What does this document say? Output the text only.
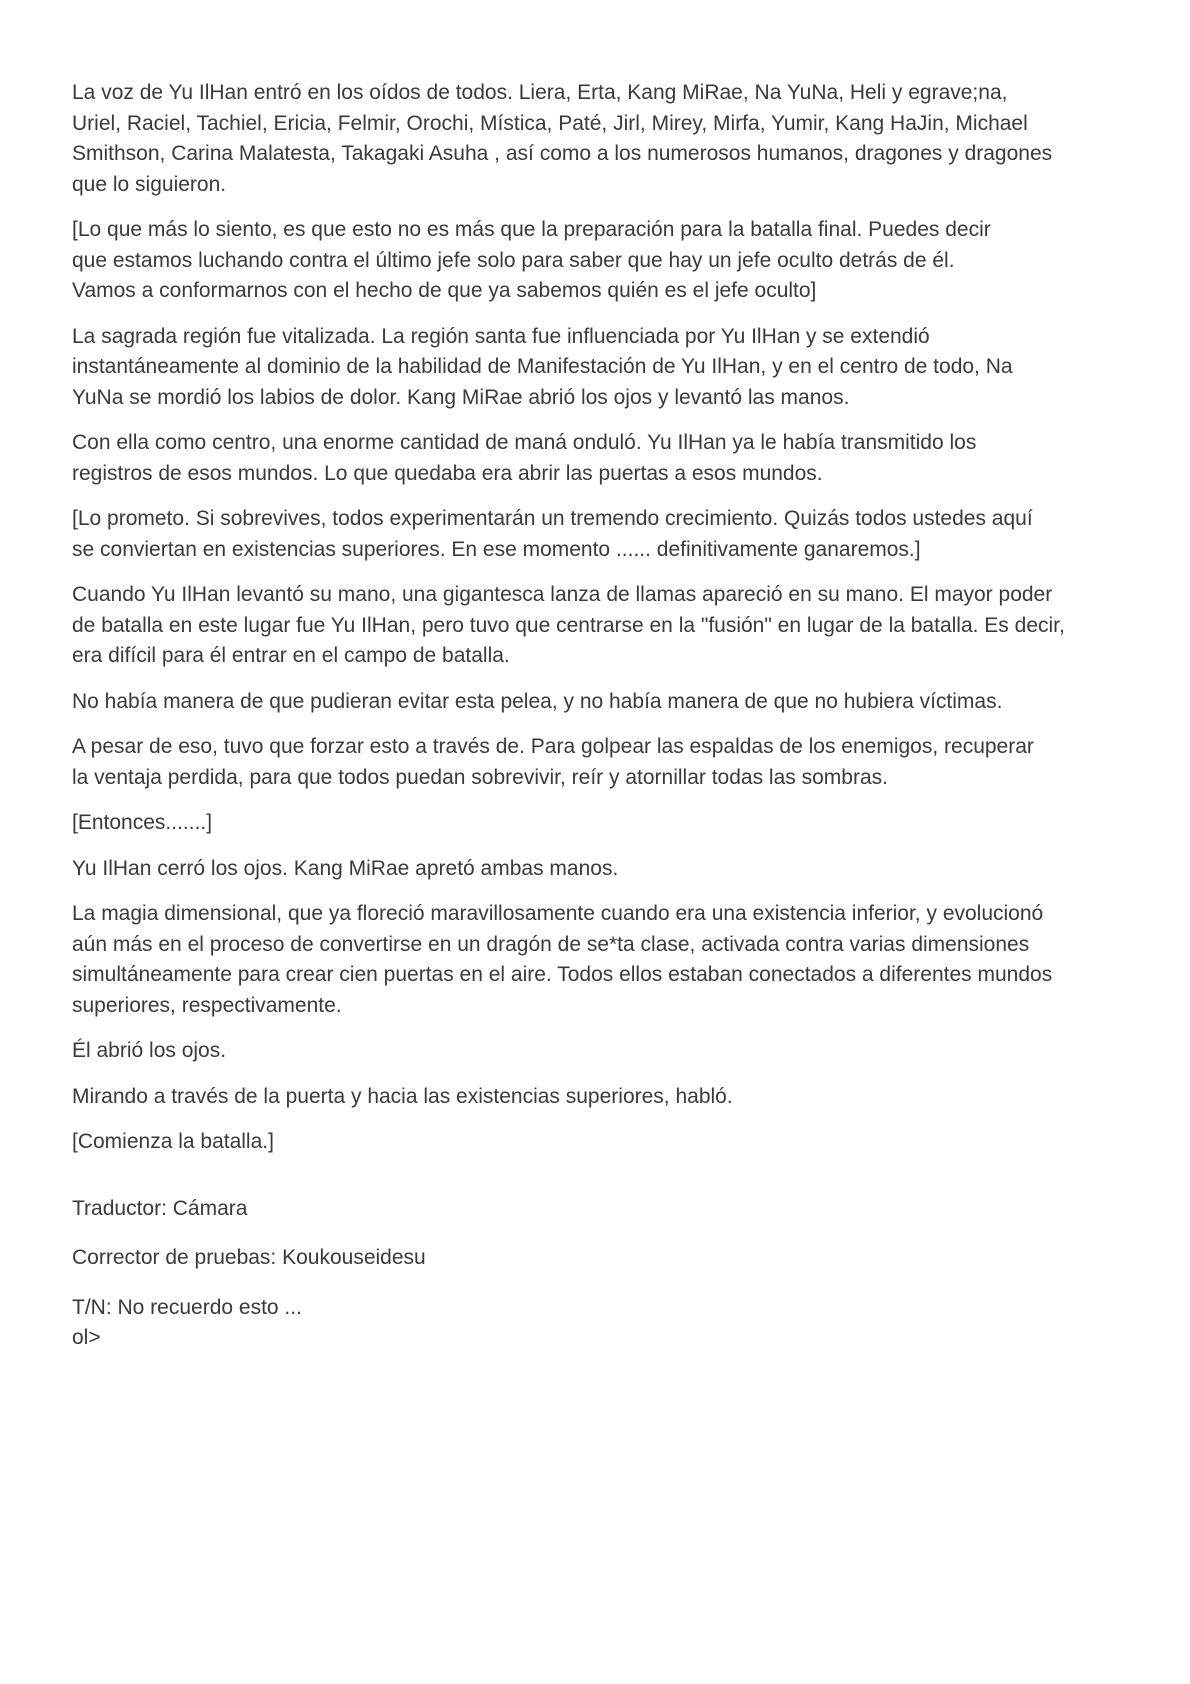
La voz de Yu IlHan entró en los oídos de todos. Liera, Erta, Kang MiRae, Na YuNa, Heli y egrave;na,
Uriel, Raciel, Tachiel, Ericia, Felmir, Orochi, Mística, Paté, Jirl, Mirey, Mirfa, Yumir, Kang HaJin, Michael
Smithson, Carina Malatesta, Takagaki Asuha , así como a los numerosos humanos, dragones y dragones
que lo siguieron.

[Lo que más lo siento, es que esto no es más que la preparación para la batalla final. Puedes decir
que estamos luchando contra el último jefe solo para saber que hay un jefe oculto detrás de él.
Vamos a conformarnos con el hecho de que ya sabemos quién es el jefe oculto]

La sagrada región fue vitalizada. La región santa fue influenciada por Yu IlHan y se extendió
instantáneamente al dominio de la habilidad de Manifestación de Yu IlHan, y en el centro de todo, Na
YuNa se mordió los labios de dolor. Kang MiRae abrió los ojos y levantó las manos.

Con ella como centro, una enorme cantidad de maná onduló. Yu IlHan ya le había transmitido los
registros de esos mundos. Lo que quedaba era abrir las puertas a esos mundos.

[Lo prometo. Si sobrevives, todos experimentarán un tremendo crecimiento. Quizás todos ustedes aquí
se conviertan en existencias superiores. En ese momento ...... definitivamente ganaremos.]

Cuando Yu IlHan levantó su mano, una gigantesca lanza de llamas apareció en su mano. El mayor poder
de batalla en este lugar fue Yu IlHan, pero tuvo que centrarse en la "fusión" en lugar de la batalla. Es decir,
era difícil para él entrar en el campo de batalla.

No había manera de que pudieran evitar esta pelea, y no había manera de que no hubiera víctimas.

A pesar de eso, tuvo que forzar esto a través de. Para golpear las espaldas de los enemigos, recuperar
la ventaja perdida, para que todos puedan sobrevivir, reír y atornillar todas las sombras.

[Entonces.......]

Yu IlHan cerró los ojos. Kang MiRae apretó ambas manos.

La magia dimensional, que ya floreció maravillosamente cuando era una existencia inferior, y evolucionó
aún más en el proceso de convertirse en un dragón de se*ta clase, activada contra varias dimensiones
simultáneamente para crear cien puertas en el aire. Todos ellos estaban conectados a diferentes mundos
superiores, respectivamente.

Él abrió los ojos.

Mirando a través de la puerta y hacia las existencias superiores, habló.

[Comienza la batalla.]

Traductor: Cámara

Corrector de pruebas: Koukouseidesu

T/N: No recuerdo esto ...
ol>
